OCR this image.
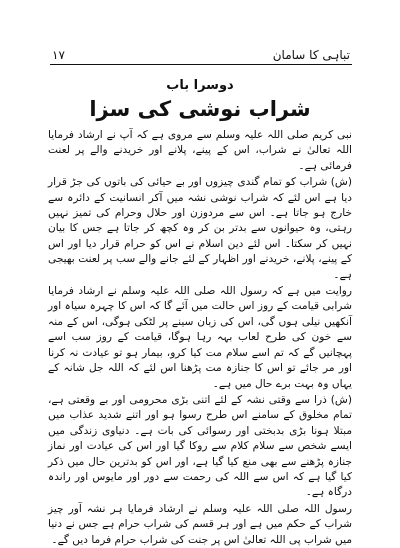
تباہی کا سامان
۱۷
دوسرا باب
شراب نوشی کی سزا

نبی کریم صلی اللہ علیہ وسلم سے مروی ہے کہ آپ نے ارشاد فرمایا اللہ تعالیٰ نے شراب، اس کے پینے، پلانے اور خریدنے والے پر لعنت فرمائی ہے۔

(ش) شراب کو تمام گندی چیزوں اور بے حیائی کی باتوں کی جڑ قرار دیا ہے اس لئے کہ شراب نوشی نشہ میں آکر انسانیت کے دائرہ سے خارج ہو جاتا ہے۔ اس سے مردوزن اور حلال وحرام کی تمیز نہیں رہتی، وہ حیوانوں سے بدتر بن کر وہ کچھ کر جاتا ہے جس کا بیان نہیں کر سکتا۔ اس لئے دین اسلام نے اس کو حرام قرار دیا اور اس کے پینے، پلانے، خریدنے اور اظہار کے لئے جانے والے سب پر لعنت بھیجی ہے۔

روایت میں ہے کہ رسول اللہ صلی اللہ علیہ وسلم نے ارشاد فرمایا شرابی قیامت کے روز اس حالت میں آئے گا کہ اس کا چہرہ سیاہ اور آنکھیں نیلی ہوں گی، اس کی زبان سینے پر لٹکی ہوگی، اس کے منہ سے خون کی طرح لعاب بہہ رہا ہوگا، قیامت کے روز سب اسے پہچانیں گے کہ تم اسے سلام مت کیا کرو، بیمار ہو تو عیادت نہ کرنا اور مر جائے تو اس کا جنازہ مت پڑھنا اس لئے کہ اللہ جل شانہ کے یہاں وہ بہت برے حال میں ہے۔

(ش) ذرا سے وقتی نشہ کے لئے اتنی بڑی محرومی اور بے وقعتی ہے، تمام مخلوق کے سامنے اس طرح رسوا ہو اور اتنے شدید عذاب میں مبتلا ہونا بڑی بدبختی اور رسوائی کی بات ہے۔ دنیاوی زندگی میں ایسے شخص سے سلام کلام سے روکا گیا اور اس کی عیادت اور نماز جنازہ پڑھنے سے بھی منع کیا گیا ہے، اور اس کو بدترین حال میں ذکر کیا گیا ہے کہ اس سے اللہ کی رحمت سے دور اور مایوس اور راندہ درگاہ ہے۔

رسول اللہ صلی اللہ علیہ وسلم نے ارشاد فرمایا ہر نشہ آور چیز شراب کے حکم میں ہے اور ہر قسم کی شراب حرام ہے جس نے دنیا میں شراب پی اللہ تعالیٰ اس پر جنت کی شراب حرام فرما دیں گے۔
